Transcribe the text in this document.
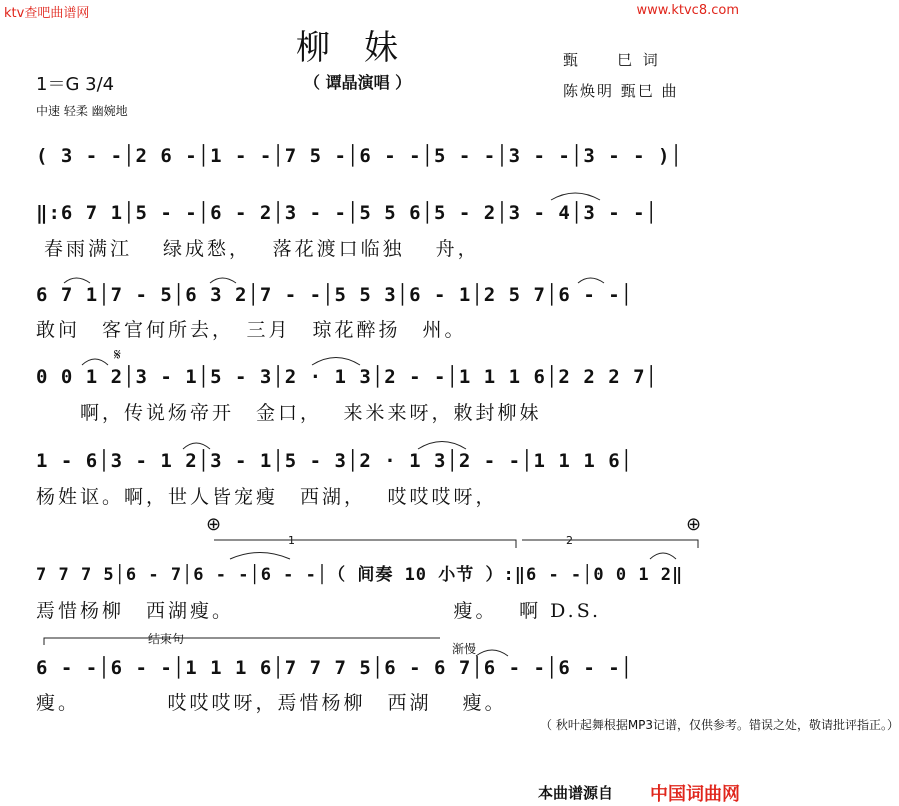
ktv查吧曲谱网	www.ktvc8.com
柳妹
（ 谭晶演唱 ）
甄　　巳 词
陈焕明 甄巳 曲
1＝G 3/4
中速 轻柔 幽婉地
( 3 - -│2 6 -│1 - -│7 5 -│6 - -│5 - -│3 - -│3 - - )│
‖:6 7 1│5 - -│6 - 2│3 - -│5 5 6│5 - 2│3 - 4│3 - -│
春雨满江　 绿成愁，　 落花渡口临独　 舟，
6 7 1│7 - 5│6 3 2│7 - -│5 5 3│6 - 1│2 5 7│6 - -│
敢问　客官何所去，　三月　琼花醉扬　州。
𝄋
0 0 1 2│3 - 1│5 - 3│2 · 1 3│2 - -│1 1 1 6│2 2 2 7│
　　啊，传说炀帝开　金口，　 来米来呀，敕封柳妹
1 - 6│3 - 1 2│3 - 1│5 - 3│2 · 1 3│2 - -│1 1 1 6│
杨姓讴。啊，世人皆宠瘦　西湖，　 哎哎哎呀，
⊕	⊕
1	2
7 7 7 5│6 - 7│6 - -│6 - -│（ 间奏 10 小节 ）:‖6 - -│0 0 1 2‖
焉惜杨柳　西湖瘦。　　　　　　　　　　 瘦。　 啊 D.S.
结束句
渐慢
6 - -│6 - -│1 1 1 6│7 7 7 5│6 - 6 7│6 - -│6 - -│
瘦。　　　　 哎哎哎呀，焉惜杨柳　西湖　 瘦。
（ 秋叶起舞根据MP3记谱，仅供参考。错误之处，敬请批评指正。）
本曲谱源自 中国词曲网
